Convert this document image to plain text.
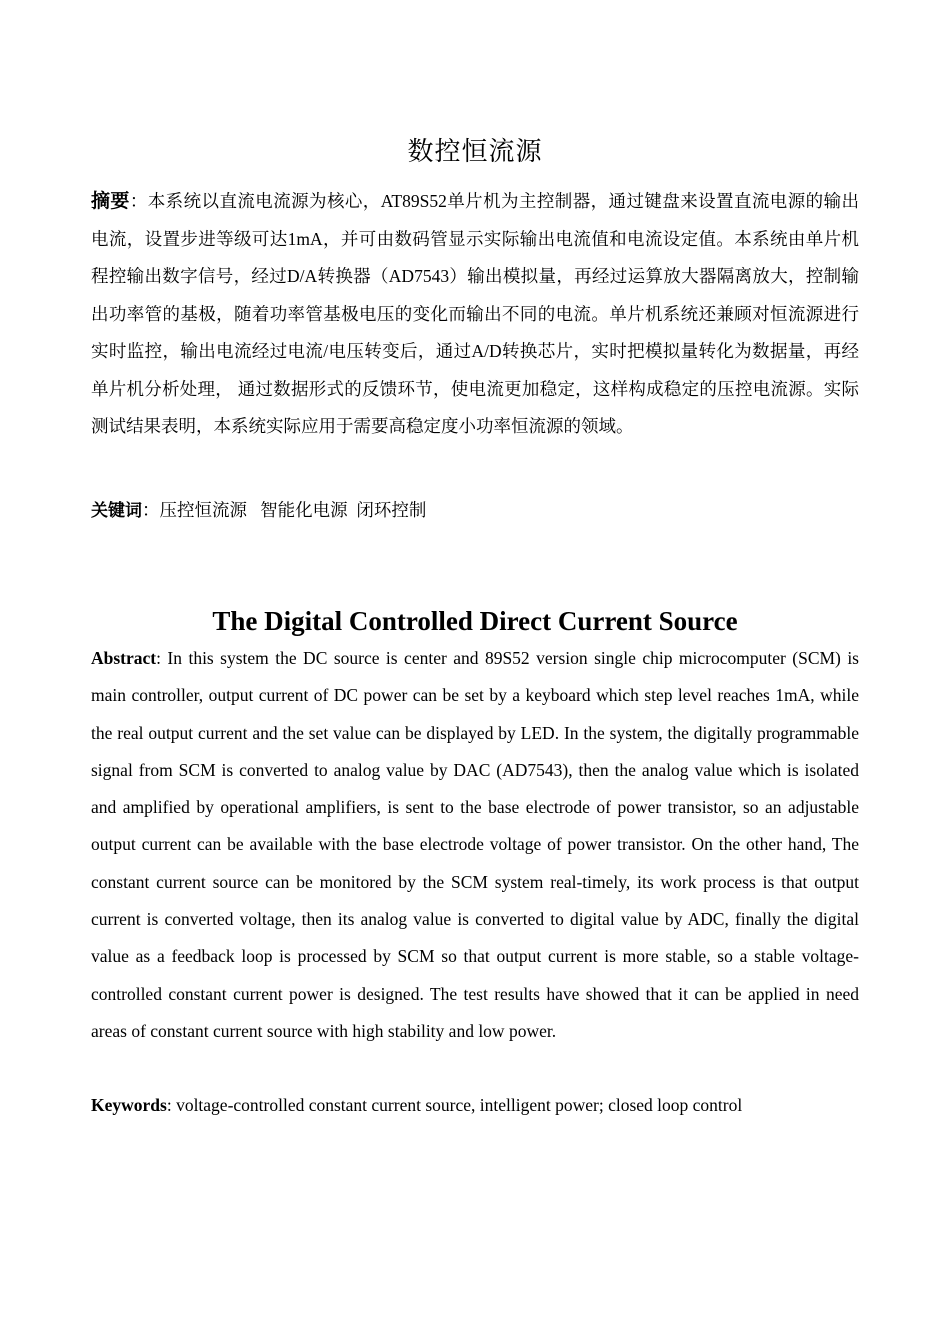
数控恒流源
摘要：本系统以直流电流源为核心，AT89S52单片机为主控制器，通过键盘来设置直流电源的输出电流，设置步进等级可达1mA，并可由数码管显示实际输出电流值和电流设定值。本系统由单片机程控输出数字信号，经过D/A转换器（AD7543）输出模拟量，再经过运算放大器隔离放大，控制输出功率管的基极，随着功率管基极电压的变化而输出不同的电流。单片机系统还兼顾对恒流源进行实时监控，输出电流经过电流/电压转变后，通过A/D转换芯片，实时把模拟量转化为数据量，再经单片机分析处理， 通过数据形式的反馈环节，使电流更加稳定，这样构成稳定的压控电流源。实际测试结果表明，本系统实际应用于需要高稳定度小功率恒流源的领域。
关键词：压控恒流源   智能化电源  闭环控制
The Digital Controlled Direct Current Source
Abstract: In this system the DC source is center and 89S52 version single chip microcomputer (SCM) is main controller, output current of DC power can be set by a keyboard which step level reaches 1mA, while the real output current and the set value can be displayed by LED. In the system, the digitally programmable signal from SCM is converted to analog value by DAC (AD7543), then the analog value which is isolated and amplified by operational amplifiers, is sent to the base electrode of power transistor, so an adjustable output current can be available with the base electrode voltage of power transistor. On the other hand, The constant current source can be monitored by the SCM system real-timely, its work process is that output current is converted voltage, then its analog value is converted to digital value by ADC, finally the digital value as a feedback loop is processed by SCM so that output current is more stable, so a stable voltage-controlled constant current power is designed. The test results have showed that it can be applied in need areas of constant current source with high stability and low power.
Keywords: voltage-controlled constant current source, intelligent power; closed loop control
